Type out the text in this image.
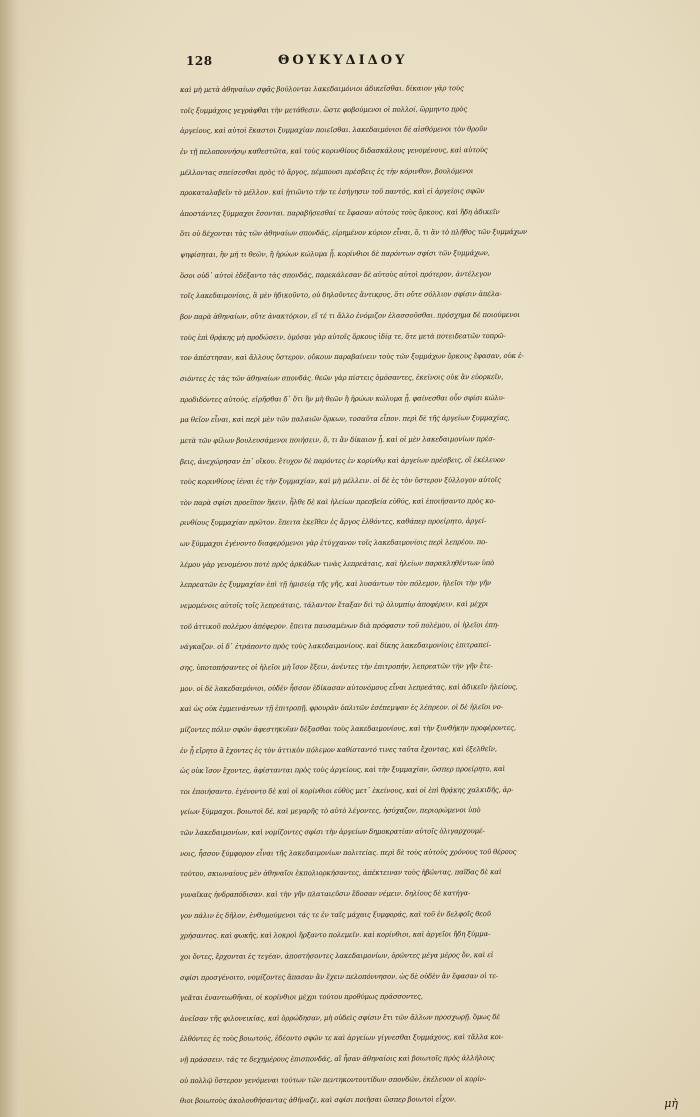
128	ΘΟΥΚΥΔΙΔΟΥ
καὶ μὴ μετὰ ἀθηναίων σφᾶς βούλονται λακεδαιμόνιοι ἀδικεῖσθαι. δίκαιον γὰρ τοὺς
τοῖς ξυμμάχοις γεγράφθαι τὴν μετάθεσιν. ὥστε φοβούμενοι οἱ πολλοί, ὥρμηντο πρὸς
ἀργείους, καὶ αὐτοὶ ἕκαστοι ξυμμαχίαν ποιεῖσθαι. λακεδαιμόνιοι δὲ αἰσθόμενοι τὸν θροῦν
ἐν τῇ πελοποννήσῳ καθεστῶτα, καὶ τοὺς κορινθίους διδασκάλους γενομένους, καὶ αὐτοὺς
μέλλοντας σπείσεσθαι πρὸς τὸ ἄργος, πέμπουσι πρέσβεις ἐς τὴν κόρινθον, βουλόμενοι
προκαταλαβεῖν τὸ μέλλον. καὶ ᾐτιῶντο τήν τε ἐσήγησιν τοῦ παντός, καὶ εἰ ἀργείοις σφῶν
ἀποστάντες ξύμμαχοι ἔσονται. παραβήσεσθαί τε ἔφασαν αὐτοὺς τοὺς ὅρκους. καὶ ἤδη ἀδικεῖν
ὅτι οὐ δέχονται τὰς τῶν ἀθηναίων σπονδάς, εἰρημένον κύριον εἶναι, ὅ, τι ἂν τὸ πλῆθος τῶν ξυμμάχων
ψηφίσηται, ἢν μή τι θεῶν, ἢ ἡρώων κώλυμα ᾖ. κορίνθιοι δὲ παρόντων σφίσι τῶν ξυμμάχων,
ὅσοι οὐδ᾽ αὐτοὶ ἐδέξαντο τὰς σπονδάς, παρεκάλεσαν δὲ αὐτοὺς αὐτοὶ πρότερον, ἀντέλεγον
τοῖς λακεδαιμονίοις, ἃ μὲν ἠδικοῦντο, οὐ δηλοῦντες ἄντικρυς, ὅτι οὔτε σόλλιον σφίσιν ἀπέλα-
βον παρὰ ἀθηναίων, οὔτε ἀνακτόριον, εἴ τέ τι ἄλλο ἐνόμιζον ἐλασσοῦσθαι. πρόσχημα δὲ ποιούμενοι
τοὺς ἐπὶ θρᾴκης μὴ προδώσειν, ὀμόσαι γὰρ αὐτοῖς ὅρκους ἰδίᾳ τε, ὅτε μετὰ ποτειδεατῶν τοπρῶ-
τον ἀπέστησαν, καὶ ἄλλους ὕστερον. οὔκουν παραβαίνειν τοὺς τῶν ξυμμάχων ὅρκους ἔφασαν, οὐκ ἐ-
σιόντες ἐς τὰς τῶν ἀθηναίων σπονδάς. θεῶν γὰρ πίστεις ὀμόσαντες, ἐκείνοις οὐκ ἂν εὐορκεῖν,
προδιδόντες αὐτούς. εἰρῆσθαι δ᾽ ὅτι ἢν μὴ θεῶν ἢ ἡρώων κώλυμα ᾖ. φαίνεσθαι οὖν σφίσι κώλυ-
μα θεῖον εἶναι, καὶ περὶ μὲν τῶν παλαιῶν ὅρκων, τοσαῦτα εἶπον. περὶ δὲ τῆς ἀργείων ξυμμαχίας,
μετὰ τῶν φίλων βουλευσάμενοι ποιήσειν, ὅ, τι ἂν δίκαιον ᾖ. καὶ οἱ μὲν λακεδαιμονίων πρέσ-
βεις, ἀνεχώρησαν ἐπ᾽ οἴκου. ἔτυχον δὲ παρόντες ἐν κορίνθῳ καὶ ἀργείων πρέσβεις, οἳ ἐκέλευον
τοὺς κορινθίους ἰέναι ἐς τὴν ξυμμαχίαν, καὶ μὴ μέλλειν. οἱ δὲ ἐς τὸν ὕστερον ξύλλογον αὐτοῖς
τὸν παρὰ σφίσι προεῖπον ἥκειν. ἦλθε δὲ καὶ ἠλείων πρεσβεία εὐθύς, καὶ ἐποιήσαντο πρὸς κο-
ρινθίους ξυμμαχίαν πρῶτον. ἔπειτα ἐκεῖθεν ἐς ἄργος ἐλθόντες, καθάπερ προείρητο, ἀργεί-
ων ξύμμαχοι ἐγένοντο διαφερόμενοι γὰρ ἐτύγχανον τοῖς λακεδαιμονίοις περὶ λεπρέου. πο-
λέμου γὰρ γενομένου ποτὲ πρὸς ἀρκάδων τινὰς λεπρεάταις, καὶ ἠλείων παρακληθέντων ὑπὸ
λεπρεατῶν ἐς ξυμμαχίαν ἐπὶ τῇ ἡμισείᾳ τῆς γῆς, καὶ λυσάντων τὸν πόλεμον, ἠλεῖοι τὴν γῆν
νεμομένοις αὐτοῖς τοῖς λεπρεάταις, τάλαντον ἔταξαν διὶ τῷ ὀλυμπίῳ ἀποφέρειν. καὶ μέχρι
τοῦ ἀττικοῦ πολέμου ἀπέφερον. ἔπειτα παυσαμένων διὰ πρόφασιν τοῦ πολέμου, οἱ ἠλεῖοι ἐπη-
νάγκαζον. οἱ δ᾽ ἐτράποντο πρὸς τοὺς λακεδαιμονίους. καὶ δίκης λακεδαιμονίοις ἐπιτραπεί-
σης, ὑποτοπήσαντες οἱ ἠλεῖοι μὴ ἴσον ἕξειν, ἀνέντες τὴν ἐπιτροπήν, λεπρεατῶν τὴν γῆν ἔτε-
μον. οἱ δὲ λακεδαιμόνιοι, οὐδὲν ἧσσον ἐδίκασαν αὐτονόμους εἶναι λεπρεάτας, καὶ ἀδικεῖν ἠλείους,
καὶ ὡς οὐκ ἐμμεινάντων τῇ ἐπιτροπῇ, φρουρὰν ὁπλιτῶν ἐσέπεμψαν ἐς λέπρεον. οἱ δὲ ἠλεῖοι νο-
μίζοντες πόλιν σφῶν ἀφεστηκυῖαν δέξασθαι τοὺς λακεδαιμονίους, καὶ τὴν ξυνθήκην προφέροντες,
ἐν ᾗ εἴρητο ἃ ἔχοντες ἐς τὸν ἀττικὸν πόλεμον καθίσταντό τινες ταῦτα ἔχοντας, καὶ ἐξελθεῖν,
ὡς οὐκ ἴσον ἔχοντες, ἀφίστανται πρὸς τοὺς ἀργείους, καὶ τὴν ξυμμαχίαν, ὥσπερ προείρητο, καὶ
τοι ἐποιήσαντο. ἐγένοντο δὲ καὶ οἱ κορίνθιοι εὐθὺς μετ᾽ ἐκείνους, καὶ οἱ ἐπὶ θρᾴκης χαλκιδῆς, ἀρ-
γείων ξύμμαχοι. βοιωτοὶ δέ, καὶ μεγαρῆς τὸ αὐτὸ λέγοντες, ἡσύχαζον, περιορώμενοι ὑπὸ
τῶν λακεδαιμονίων, καὶ νομίζοντες σφίσι τὴν ἀργείων δημοκρατίαν αὐτοῖς ὀλιγαρχουμέ-
νοις, ἧσσον ξύμφορον εἶναι τῆς λακεδαιμονίων πολιτείας. περὶ δὲ τοὺς αὐτοὺς χρόνους τοῦ θέρους
τούτου, σκιωναίους μὲν ἀθηναῖοι ἐκπολιορκήσαντες, ἀπέκτειναν τοὺς ἡβῶντας. παῖδας δὲ καὶ
γυναῖκας ἠνδραπόδισαν. καὶ τὴν γῆν πλαταιεῦσιν ἔδοσαν νέμειν. δηλίους δὲ κατήγα-
γον πάλιν ἐς δῆλον, ἐνθυμούμενοι τάς τε ἐν ταῖς μάχαις ξυμφοράς, καὶ τοῦ ἐν δελφοῖς θεοῦ
χρήσαντος. καὶ φωκῆς, καὶ λοκροὶ ἤρξαντο πολεμεῖν. καὶ κορίνθιοι, καὶ ἀργεῖοι ἤδη ξύμμα-
χοι ὄντες, ἔρχονται ἐς τεγέαν, ἀποστήσοντες λακεδαιμονίων, ὁρῶντες μέγα μέρος ὄν, καὶ εἰ
σφίσι προσγένοιτο, νομίζοντες ἅπασαν ἂν ἔχειν πελοπόννησον. ὡς δὲ οὐδὲν ἂν ἔφασαν οἱ τε-
γεᾶται ἐναντιωθῆναι, οἱ κορίνθιοι μέχρι τούτου προθύμως πράσσοντες,
ἀνεῖσαν τῆς φιλονεικίας, καὶ ὀρρώδησαν, μὴ οὐδεὶς σφίσιν ἔτι τῶν ἄλλων προσχωρῇ. ὅμως δὲ
ἐλθόντες ἐς τοὺς βοιωτούς, ἐδέοντο σφῶν τε καὶ ἀργείων γίγνεσθαι ξυμμάχους, καὶ τἄλλα κοι-
νῇ πράσσειν. τάς τε δεχημέρους ἐπισπονδάς, αἳ ἦσαν ἀθηναίοις καὶ βοιωτοῖς πρὸς ἀλλήλους
οὐ πολλῷ ὕστερον γενόμεναι τούτων τῶν πεντηκοντουτίδων σπονδῶν, ἐκέλευον οἱ κορίν-
θιοι βοιωτοὺς ἀκολουθήσαντας ἀθήναζε, καὶ σφίσι ποιῆσαι ὥσπερ βοιωτοὶ εἶχον.	μὴ
